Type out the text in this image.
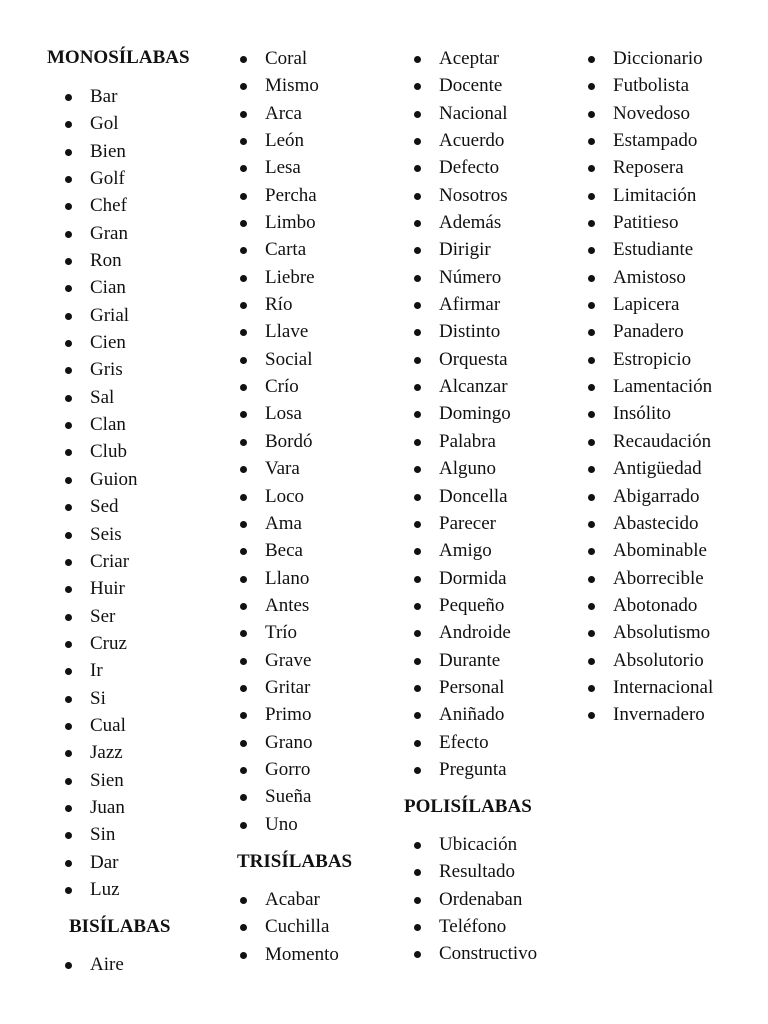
MONOSÍLABAS
Bar
Gol
Bien
Golf
Chef
Gran
Ron
Cian
Grial
Cien
Gris
Sal
Clan
Club
Guion
Sed
Seis
Criar
Huir
Ser
Cruz
Ir
Si
Cual
Jazz
Sien
Juan
Sin
Dar
Luz
BISÍLABAS
Aire
Coral
Mismo
Arca
León
Lesa
Percha
Limbo
Carta
Liebre
Río
Llave
Social
Crío
Losa
Bordó
Vara
Loco
Ama
Beca
Llano
Antes
Trío
Grave
Gritar
Primo
Grano
Gorro
Sueña
Uno
TRISÍLABAS
Acabar
Cuchilla
Momento
Aceptar
Docente
Nacional
Acuerdo
Defecto
Nosotros
Además
Dirigir
Número
Afirmar
Distinto
Orquesta
Alcanzar
Domingo
Palabra
Alguno
Doncella
Parecer
Amigo
Dormida
Pequeño
Androide
Durante
Personal
Aniñado
Efecto
Pregunta
POLISÍLABAS
Ubicación
Resultado
Ordenaban
Teléfono
Constructivo
Diccionario
Futbolista
Novedoso
Estampado
Reposera
Limitación
Patitieso
Estudiante
Amistoso
Lapicera
Panadero
Estropicio
Lamentación
Insólito
Recaudación
Antigüedad
Abigarrado
Abastecido
Abominable
Aborrecible
Abotonado
Absolutismo
Absolutorio
Internacional
Invernadero
